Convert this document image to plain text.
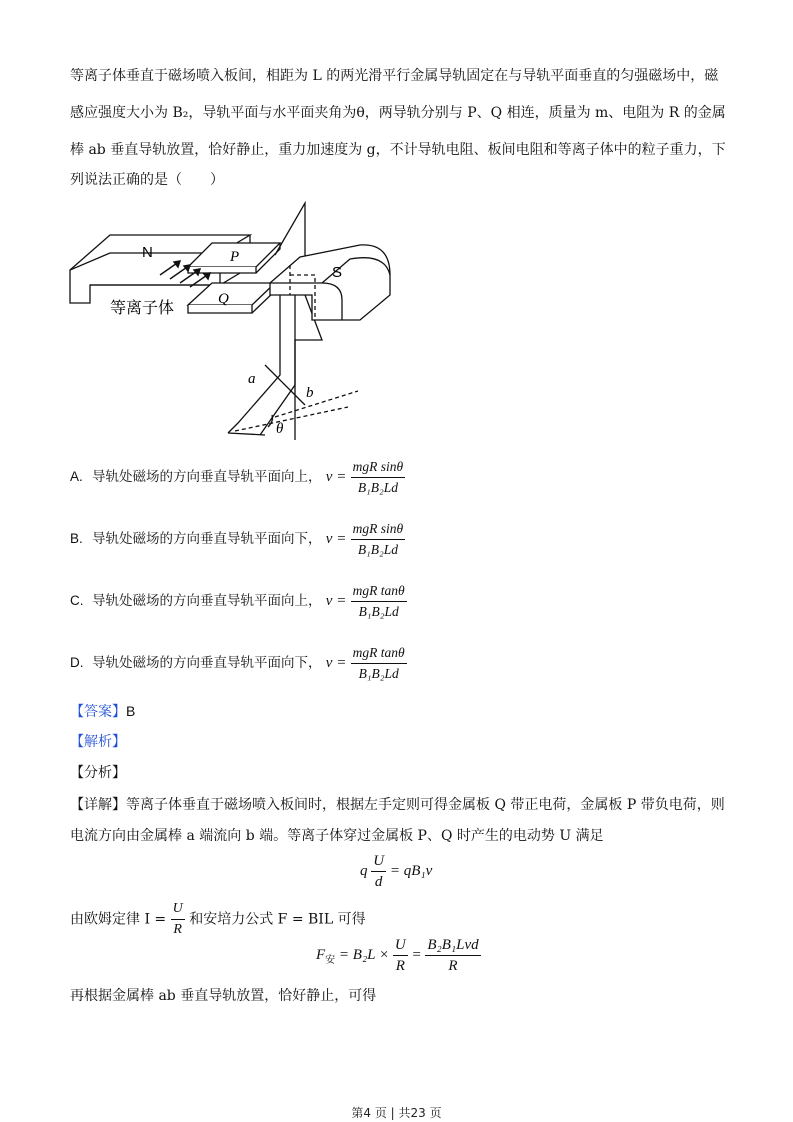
等离子体垂直于磁场喷入板间，相距为 L 的两光滑平行金属导轨固定在与导轨平面垂直的匀强磁场中，磁
感应强度大小为 B₂，导轨平面与水平面夹角为θ，两导轨分别与 P、Q 相连，质量为 m、电阻为 R 的金属
棒 ab 垂直导轨放置，恰好静止，重力加速度为 g，不计导轨电阻、板间电阻和等离子体中的粒子重力，下
列说法正确的是（　　）
N
S
P
Q
等离子体
a
b
θ
A. 导轨处磁场的方向垂直导轨平面向上， $v = \frac{\text{mgR sinθ}}{\text{B₁B₂Ld}}$
B. 导轨处磁场的方向垂直导轨平面向下， $v = \frac{\text{mgR sinθ}}{\text{B₁B₂Ld}}$
C. 导轨处磁场的方向垂直导轨平面向上， $v = \frac{\text{mgR tanθ}}{\text{B₁B₂Ld}}$
D. 导轨处磁场的方向垂直导轨平面向下， $v = \frac{\text{mgR tanθ}}{\text{B₁B₂Ld}}$
【答案】B
【解析】
【分析】
【详解】等离子体垂直于磁场喷入板间时，根据左手定则可得金属板 Q 带正电荷，金属板 P 带负电荷，则
电流方向由金属棒 a 端流向 b 端。等离子体穿过金属板 P、Q 时产生的电动势 U 满足
q $\frac{U}{d} = qB_1v$
由欧姆定律 $I = \frac{U}{R}$ 和安培力公式 F = BIL 可得
$F_安 = B_2L \times \frac{U}{R} = \frac{\text{B₂B₁Lvd}}{R}$
再根据金属棒 ab 垂直导轨放置，恰好静止，可得
第4 页 | 共23 页
